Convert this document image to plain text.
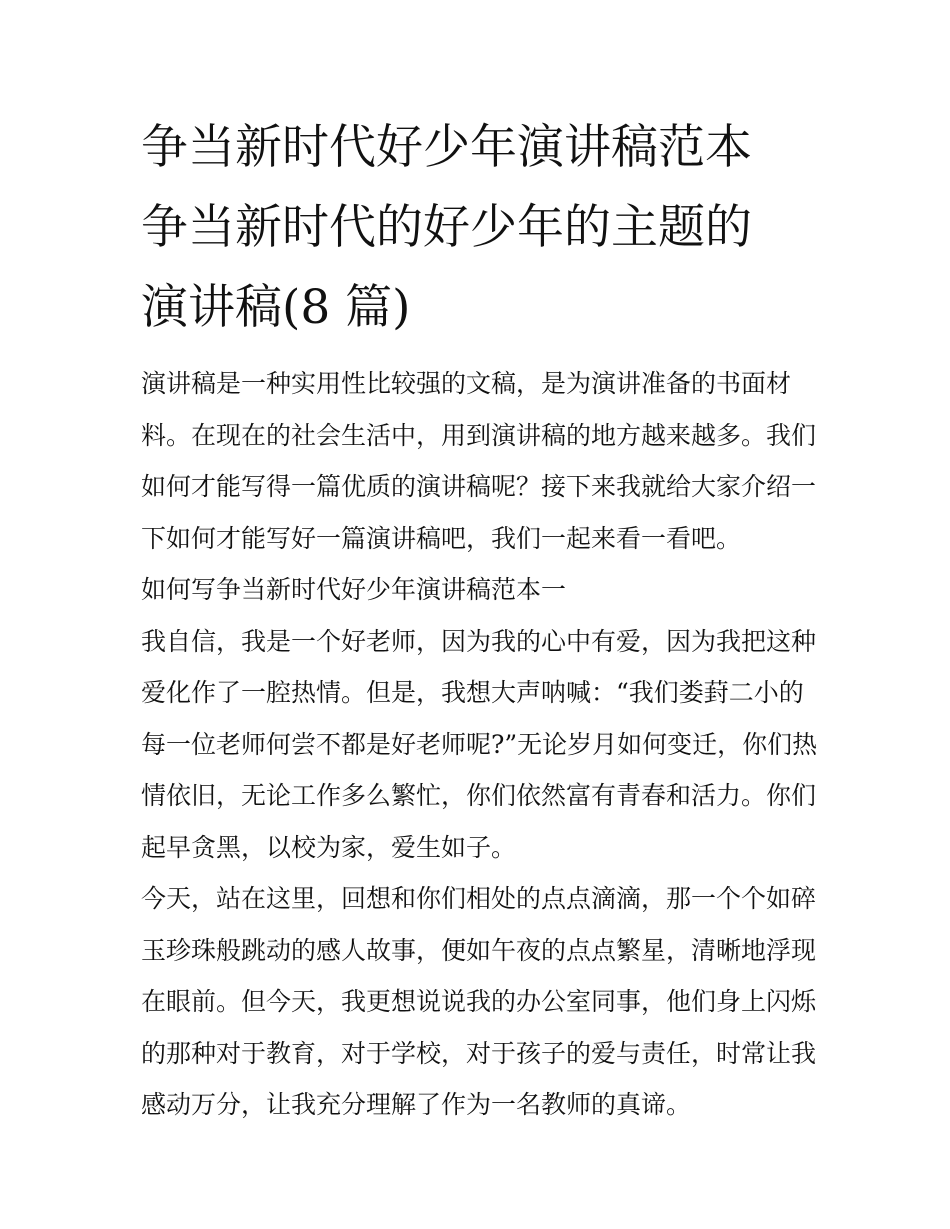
争当新时代好少年演讲稿范本
争当新时代的好少年的主题的
演讲稿(8 篇)

演讲稿是一种实用性比较强的文稿，是为演讲准备的书面材
料。在现在的社会生活中，用到演讲稿的地方越来越多。我们
如何才能写得一篇优质的演讲稿呢？接下来我就给大家介绍一
下如何才能写好一篇演讲稿吧，我们一起来看一看吧。

如何写争当新时代好少年演讲稿范本一

我自信，我是一个好老师，因为我的心中有爱，因为我把这种
爱化作了一腔热情。但是，我想大声呐喊：“我们娄葑二小的
每一位老师何尝不都是好老师呢?”无论岁月如何变迁，你们热
情依旧，无论工作多么繁忙，你们依然富有青春和活力。你们
起早贪黑，以校为家，爱生如子。

今天，站在这里，回想和你们相处的点点滴滴，那一个个如碎
玉珍珠般跳动的感人故事，便如午夜的点点繁星，清晰地浮现
在眼前。但今天，我更想说说我的办公室同事，他们身上闪烁
的那种对于教育，对于学校，对于孩子的爱与责任，时常让我
感动万分，让我充分理解了作为一名教师的真谛。
